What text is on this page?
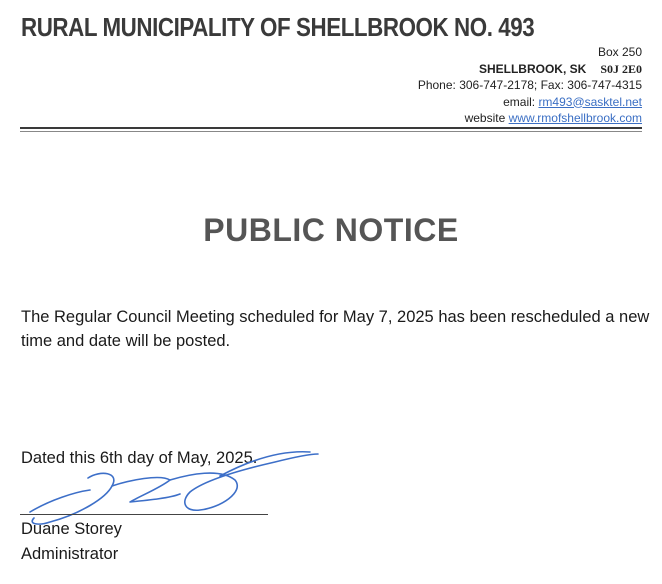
RURAL MUNICIPALITY OF SHELLBROOK NO. 493
Box 250
SHELLBROOK, SK S0J 2E0
Phone: 306-747-2178; Fax: 306-747-4315
email: rm493@sasktel.net
website www.rmofshellbrook.com
PUBLIC NOTICE
The Regular Council Meeting scheduled for May 7, 2025 has been rescheduled a new time and date will be posted.
Dated this 6th day of May, 2025.
Duane Storey
Administrator
